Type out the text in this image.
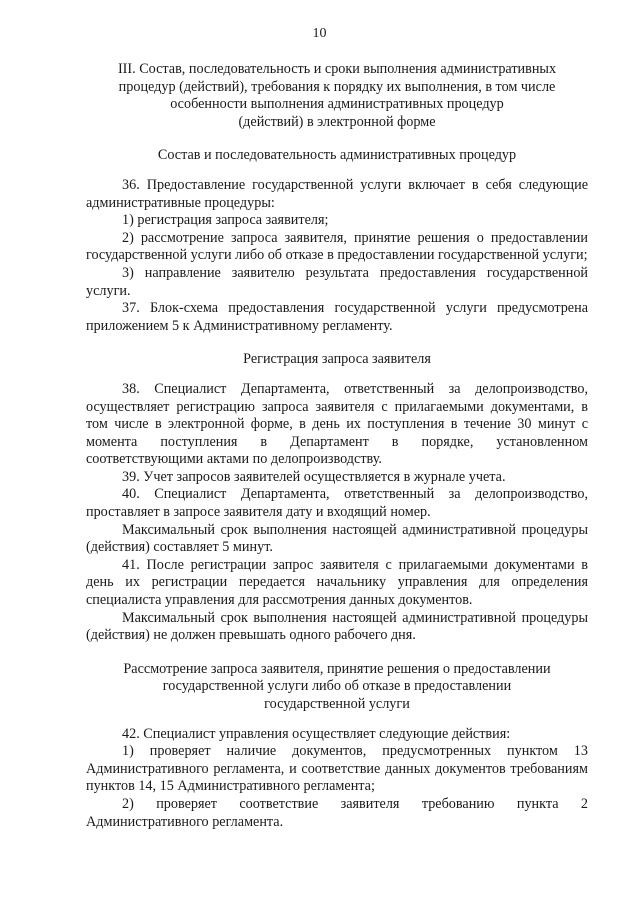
10
III. Состав, последовательность и сроки выполнения административных
процедур (действий), требования к порядку их выполнения, в том числе
особенности выполнения административных процедур
(действий) в электронной форме
Состав и последовательность административных процедур

36. Предоставление государственной услуги включает в себя следующие административные процедуры:

1) регистрация запроса заявителя;

2) рассмотрение запроса заявителя, принятие решения о предоставлении государственной услуги либо об отказе в предоставлении государственной услуги;

3) направление заявителю результата предоставления государственной услуги.

37. Блок-схема предоставления государственной услуги предусмотрена приложением 5 к Административному регламенту.

Регистрация запроса заявителя

38. Специалист Департамента, ответственный за делопроизводство, осуществляет регистрацию запроса заявителя с прилагаемыми документами, в том числе в электронной форме, в день их поступления в течение 30 минут с момента поступления в Департамент в порядке, установленном соответствующими актами по делопроизводству.

39. Учет запросов заявителей осуществляется в журнале учета.

40. Специалист Департамента, ответственный за делопроизводство, проставляет в запросе заявителя дату и входящий номер.

Максимальный срок выполнения настоящей административной процедуры (действия) составляет 5 минут.

41. После регистрации запрос заявителя с прилагаемыми документами в день их регистрации передается начальнику управления для определения специалиста управления для рассмотрения данных документов.

Максимальный срок выполнения настоящей административной процедуры (действия) не должен превышать одного рабочего дня.

Рассмотрение запроса заявителя, принятие решения о предоставлении
государственной услуги либо об отказе в предоставлении
государственной услуги

42. Специалист управления осуществляет следующие действия:

1) проверяет наличие документов, предусмотренных пунктом 13 Административного регламента, и соответствие данных документов требованиям пунктов 14, 15 Административного регламента;

2) проверяет соответствие заявителя требованию пункта 2 Административного регламента.
